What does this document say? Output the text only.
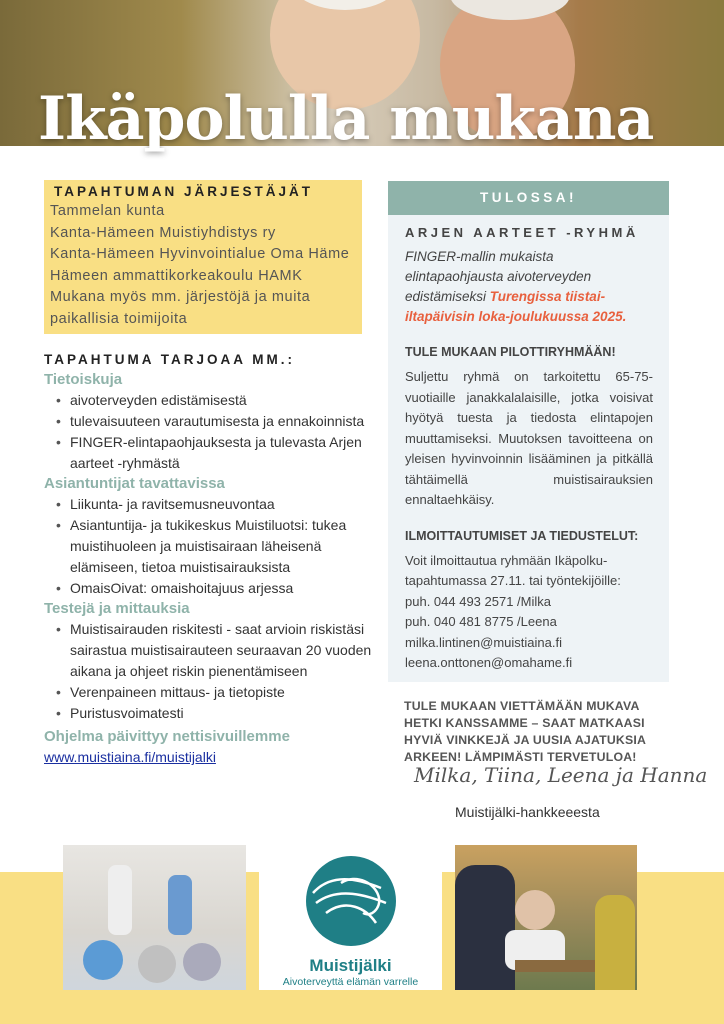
Ikäpolulla mukana
TAPAHTUMAN JÄRJESTÄJÄT

Tammelan kunta
Kanta-Hämeen Muistiyhdistys ry
Kanta-Hämeen Hyvinvointialue Oma Häme
Hämeen ammattikorkeakoulu HAMK
Mukana myös mm. järjestöjä ja muita
paikallisia toimijoita

TAPAHTUMA TARJOAA MM.:
Tietoiskuja
• aivoterveyden edistämisestä
• tulevaisuuteen varautumisesta ja ennakoinnista
• FINGER-elintapaohjauksesta ja tulevasta Arjen aarteet -ryhmästä
Asiantuntijat tavattavissa
• Liikunta- ja ravitsemusneuvontaa
• Asiantuntija- ja tukikeskus Muistiluotsi: tukea muistihuoleen ja muistisairaan läheisenä elämiseen, tietoa muistisairauksista
• OmaisOivat: omaishoitajuus arjessa
Testejä ja mittauksia
• Muistisairauden riskitesti - saat arvioin riskistäsi sairastua muistisairauteen seuraavan 20 vuoden aikana ja ohjeet riskin pienentämiseen
• Verenpaineen mittaus- ja tietopiste
• Puristusvoimatesti
Ohjelma päivittyy nettisivuillemme
www.muistiaina.fi/muistijalki
TULOSSA!
ARJEN AARTEET -RYHMÄ

FINGER-mallin mukaista elintapaohjausta aivoterveyden edistämiseksi Turengissa tiistai-iltapäivisin loka-joulukuussa 2025.

TULE MUKAAN PILOTTIRYHMÄÄN!

Suljettu ryhmä on tarkoitettu 65-75-vuotiaille janakkalalaisille, jotka voisivat hyötyä tuesta ja tiedosta elintapojen muuttamiseksi. Muutoksen tavoitteena on yleisen hyvinvoinnin lisääminen ja pitkällä tähtäimellä muistisairauksien ennaltaehkäisy.

ILMOITTAUTUMISET JA TIEDUSTELUT:

Voit ilmoittautua ryhmään Ikäpolku-tapahtumassa 27.11. tai työntekijöille:
puh. 044 493 2571 /Milka
puh. 040 481 8775 /Leena
milka.lintinen@muistiaina.fi
leena.onttonen@omahame.fi

TULE MUKAAN VIETTÄMÄÄN MUKAVA HETKI KANSSAMME – SAAT MATKAASI HYVIÄ VINKKEJÄ JA UUSIA AJATUKSIA ARKEEN! LÄMPIMÄSTI TERVETULOA!
Milka, Tiina, Leena ja Hanna
Muistijälki-hankkeeesta
Muistijälki
Aivoterveyttä elämän varrelle
